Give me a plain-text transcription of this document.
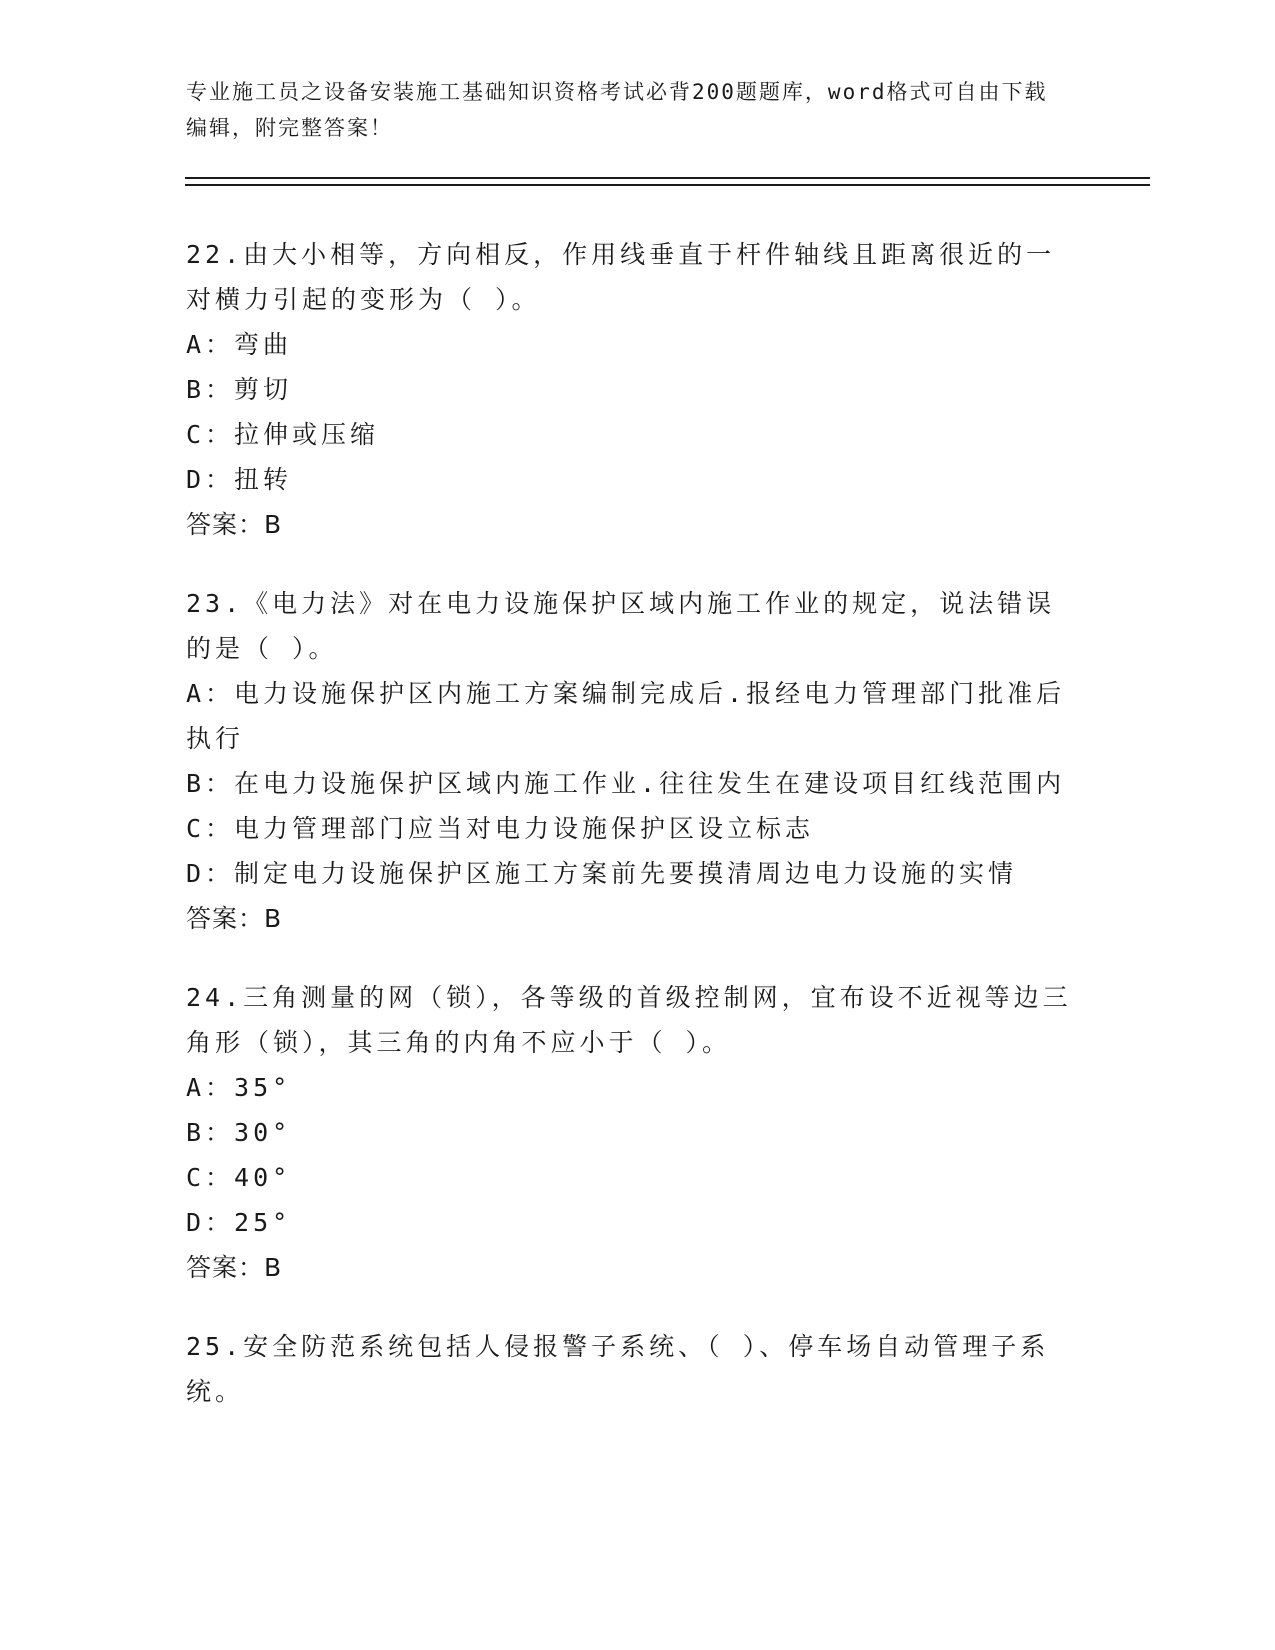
专业施工员之设备安装施工基础知识资格考试必背200题题库，word格式可自由下载编辑，附完整答案！

22.由大小相等，方向相反，作用线垂直于杆件轴线且距离很近的一对横力引起的变形为（ ）。

A：弯曲

B：剪切

C：拉伸或压缩

D：扭转

答案：B

23.《电力法》对在电力设施保护区域内施工作业的规定，说法错误的是（ ）。

A：电力设施保护区内施工方案编制完成后.报经电力管理部门批准后执行

B：在电力设施保护区域内施工作业.往往发生在建设项目红线范围内

C：电力管理部门应当对电力设施保护区设立标志

D：制定电力设施保护区施工方案前先要摸清周边电力设施的实情

答案：B

24.三角测量的网（锁），各等级的首级控制网，宜布设不近视等边三角形（锁），其三角的内角不应小于（ ）。

A：35°

B：30°

C：40°

D：25°

答案：B

25.安全防范系统包括人侵报警子系统、（ ）、停车场自动管理子系统。
